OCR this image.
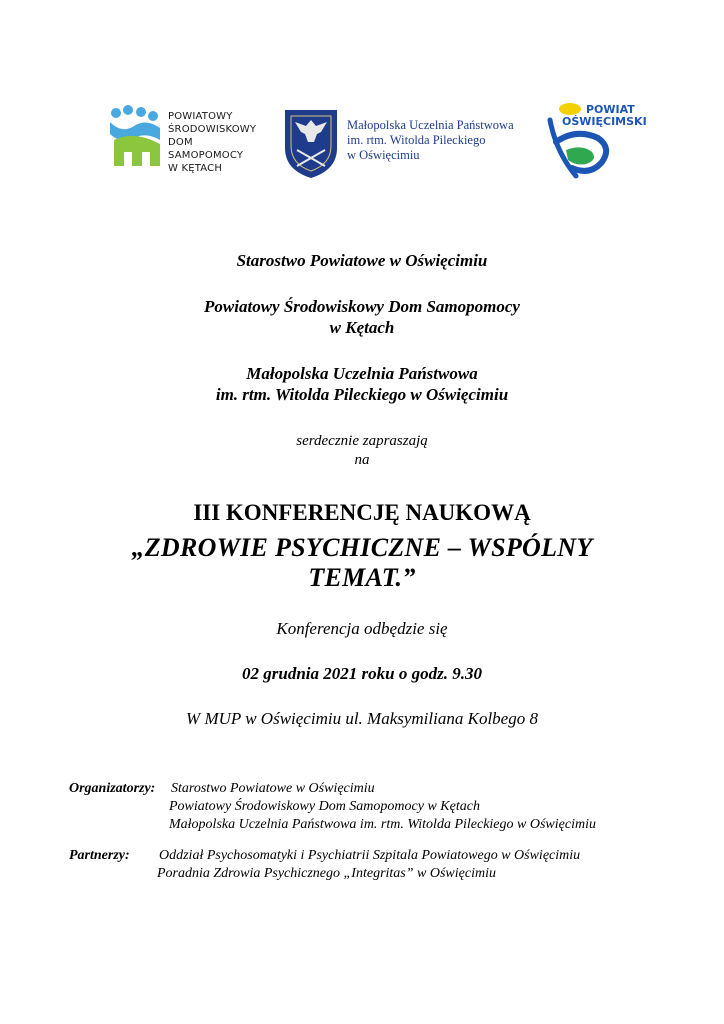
POWIATOWY
ŚRODOWISKOWY
DOM SAMOPOMOCY
W KĘTACH
Małopolska Uczelnia Państwowa
im. rtm. Witolda Pileckiego
w Oświęcimiu
POWIAT
OŚWIĘCIMSKI
Starostwo Powiatowe w Oświęcimiu
Powiatowy Środowiskowy Dom Samopomocy
w Kętach
Małopolska Uczelnia Państwowa
im. rtm. Witolda Pileckiego w Oświęcimiu
serdecznie zapraszają
na
III KONFERENCJĘ NAUKOWĄ
„ZDROWIE PSYCHICZNE – WSPÓLNY
TEMAT.”
Konferencja odbędzie się
02 grudnia 2021 roku o godz. 9.30
W MUP w Oświęcimiu ul. Maksymiliana Kolbego 8
Organizatorzy: Starostwo Powiatowe w Oświęcimiu
Powiatowy Środowiskowy Dom Samopomocy w Kętach
Małopolska Uczelnia Państwowa im. rtm. Witolda Pileckiego w Oświęcimiu
Partnerzy: Oddział Psychosomatyki i Psychiatrii Szpitala Powiatowego w Oświęcimiu
Poradnia Zdrowia Psychicznego „Integritas” w Oświęcimiu
